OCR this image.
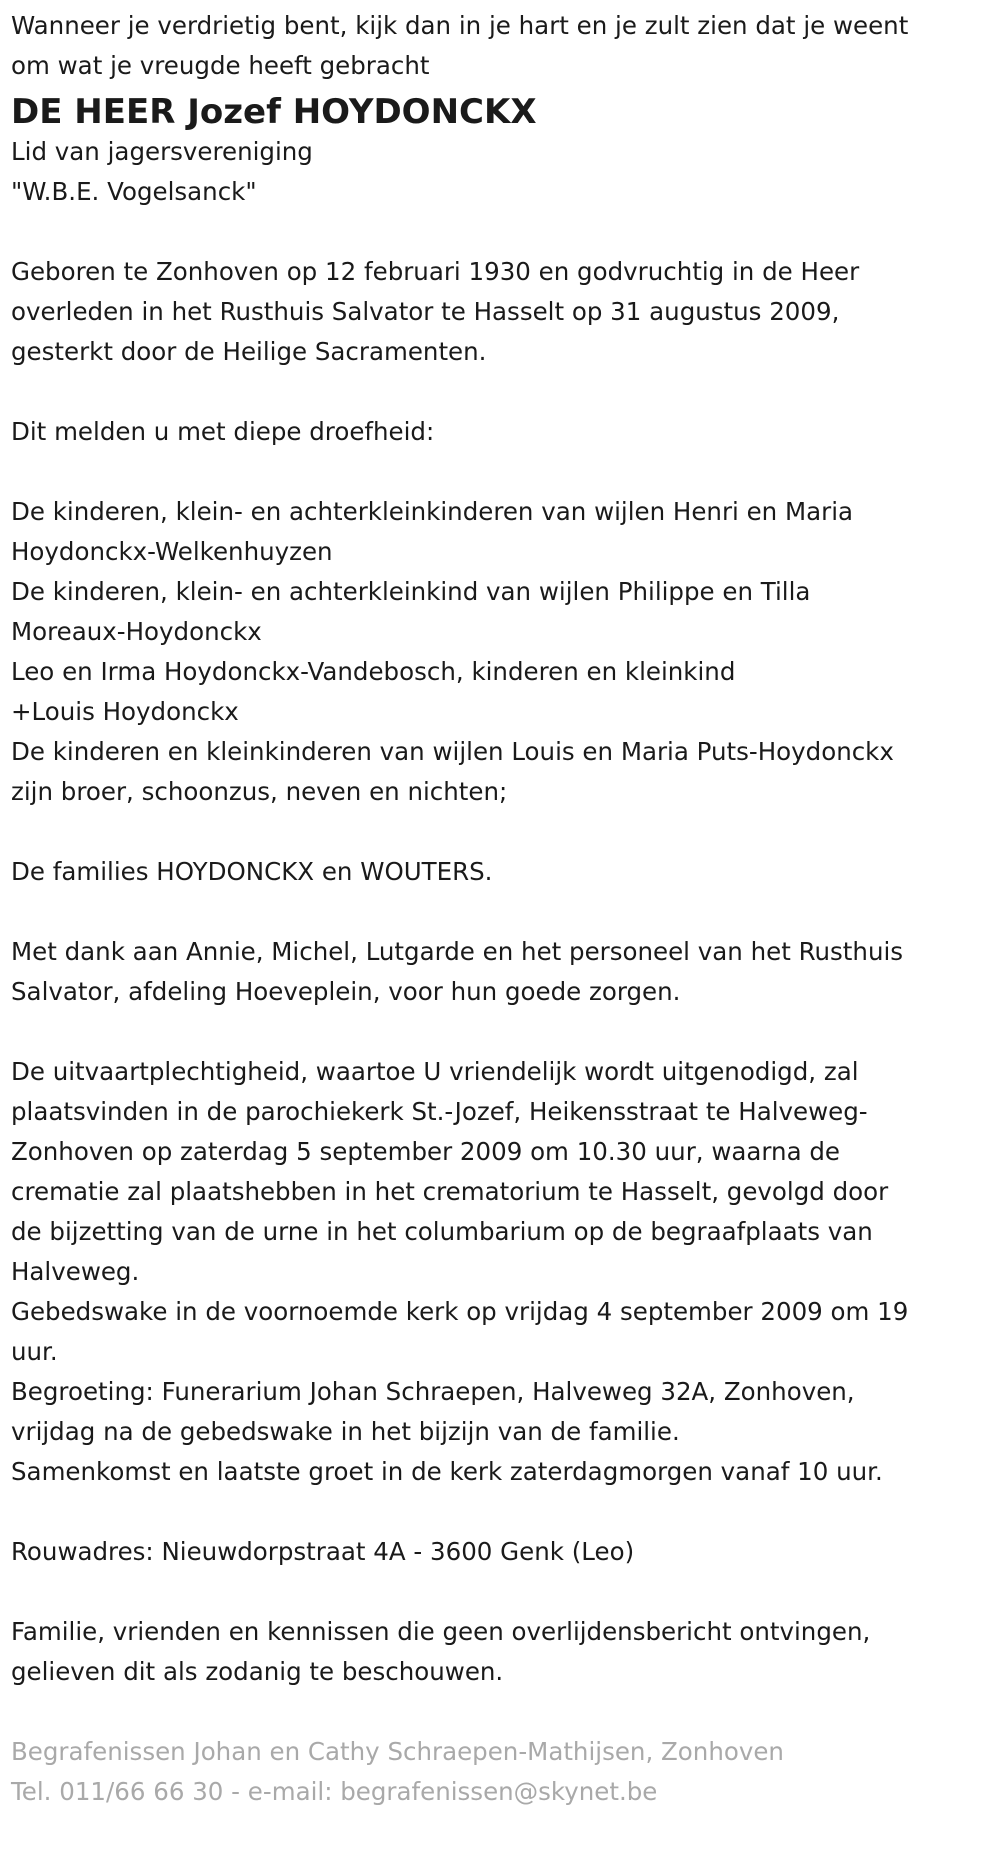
Wanneer je verdrietig bent, kijk dan in je hart en je zult zien dat je weent
om wat je vreugde heeft gebracht
DE HEER Jozef HOYDONCKX
Lid van jagersvereniging
"W.B.E. Vogelsanck"
Geboren te Zonhoven op 12 februari 1930 en godvruchtig in de Heer
overleden in het Rusthuis Salvator te Hasselt op 31 augustus 2009,
gesterkt door de Heilige Sacramenten.
Dit melden u met diepe droefheid:
De kinderen, klein- en achterkleinkinderen van wijlen Henri en Maria
Hoydonckx-Welkenhuyzen
De kinderen, klein- en achterkleinkind van wijlen Philippe en Tilla
Moreaux-Hoydonckx
Leo en Irma Hoydonckx-Vandebosch, kinderen en kleinkind
+Louis Hoydonckx
De kinderen en kleinkinderen van wijlen Louis en Maria Puts-Hoydonckx
zijn broer, schoonzus, neven en nichten;
De families HOYDONCKX en WOUTERS.
Met dank aan Annie, Michel, Lutgarde en het personeel van het Rusthuis
Salvator, afdeling Hoeveplein, voor hun goede zorgen.
De uitvaartplechtigheid, waartoe U vriendelijk wordt uitgenodigd, zal
plaatsvinden in de parochiekerk St.-Jozef, Heikensstraat te Halveweg-
Zonhoven op zaterdag 5 september 2009 om 10.30 uur, waarna de
crematie zal plaatshebben in het crematorium te Hasselt, gevolgd door
de bijzetting van de urne in het columbarium op de begraafplaats van
Halveweg.
Gebedswake in de voornoemde kerk op vrijdag 4 september 2009 om 19
uur.
Begroeting: Funerarium Johan Schraepen, Halveweg 32A, Zonhoven,
vrijdag na de gebedswake in het bijzijn van de familie.
Samenkomst en laatste groet in de kerk zaterdagmorgen vanaf 10 uur.
Rouwadres: Nieuwdorpstraat 4A - 3600 Genk (Leo)
Familie, vrienden en kennissen die geen overlijdensbericht ontvingen,
gelieven dit als zodanig te beschouwen.
Begrafenissen Johan en Cathy Schraepen-Mathijsen, Zonhoven
Tel. 011/66 66 30 - e-mail: begrafenissen@skynet.be
